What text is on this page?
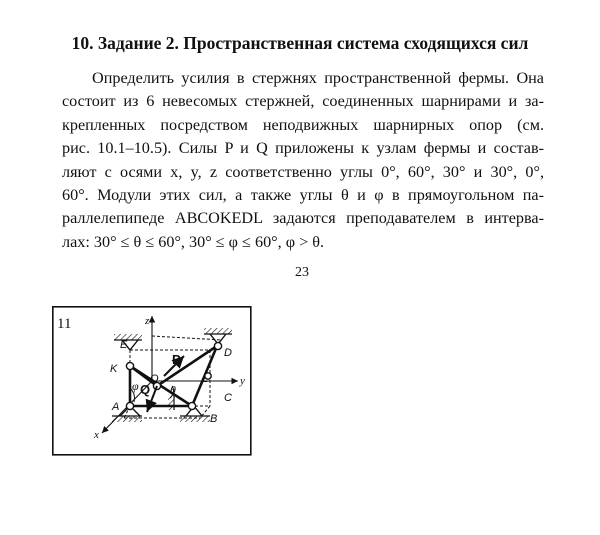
10. Задание 2. Пространственная система сходящихся сил
Определить усилия в стержнях пространственной фермы. Она
состоит из 6 невесомых стержней, соединенных шарнирами и за-
крепленных посредством неподвижных шарнирных опор (см.
рис. 10.1–10.5). Силы P и Q приложены к узлам фермы и состав-
ляют с осями x, y, z соответственно углы 0°, 60°, 30° и 30°, 0°,
60°. Модули этих сил, а также углы θ и φ в прямоугольном па-
раллелепипеде ABCOKEDL задаются преподавателем в интерва-
лах: 30° ≤ θ ≤ 60°, 30° ≤ φ ≤ 60°, φ > θ.
23
11	z
y
x
E
D
K
L
O
C
A
B
P
Q
φ	θ
